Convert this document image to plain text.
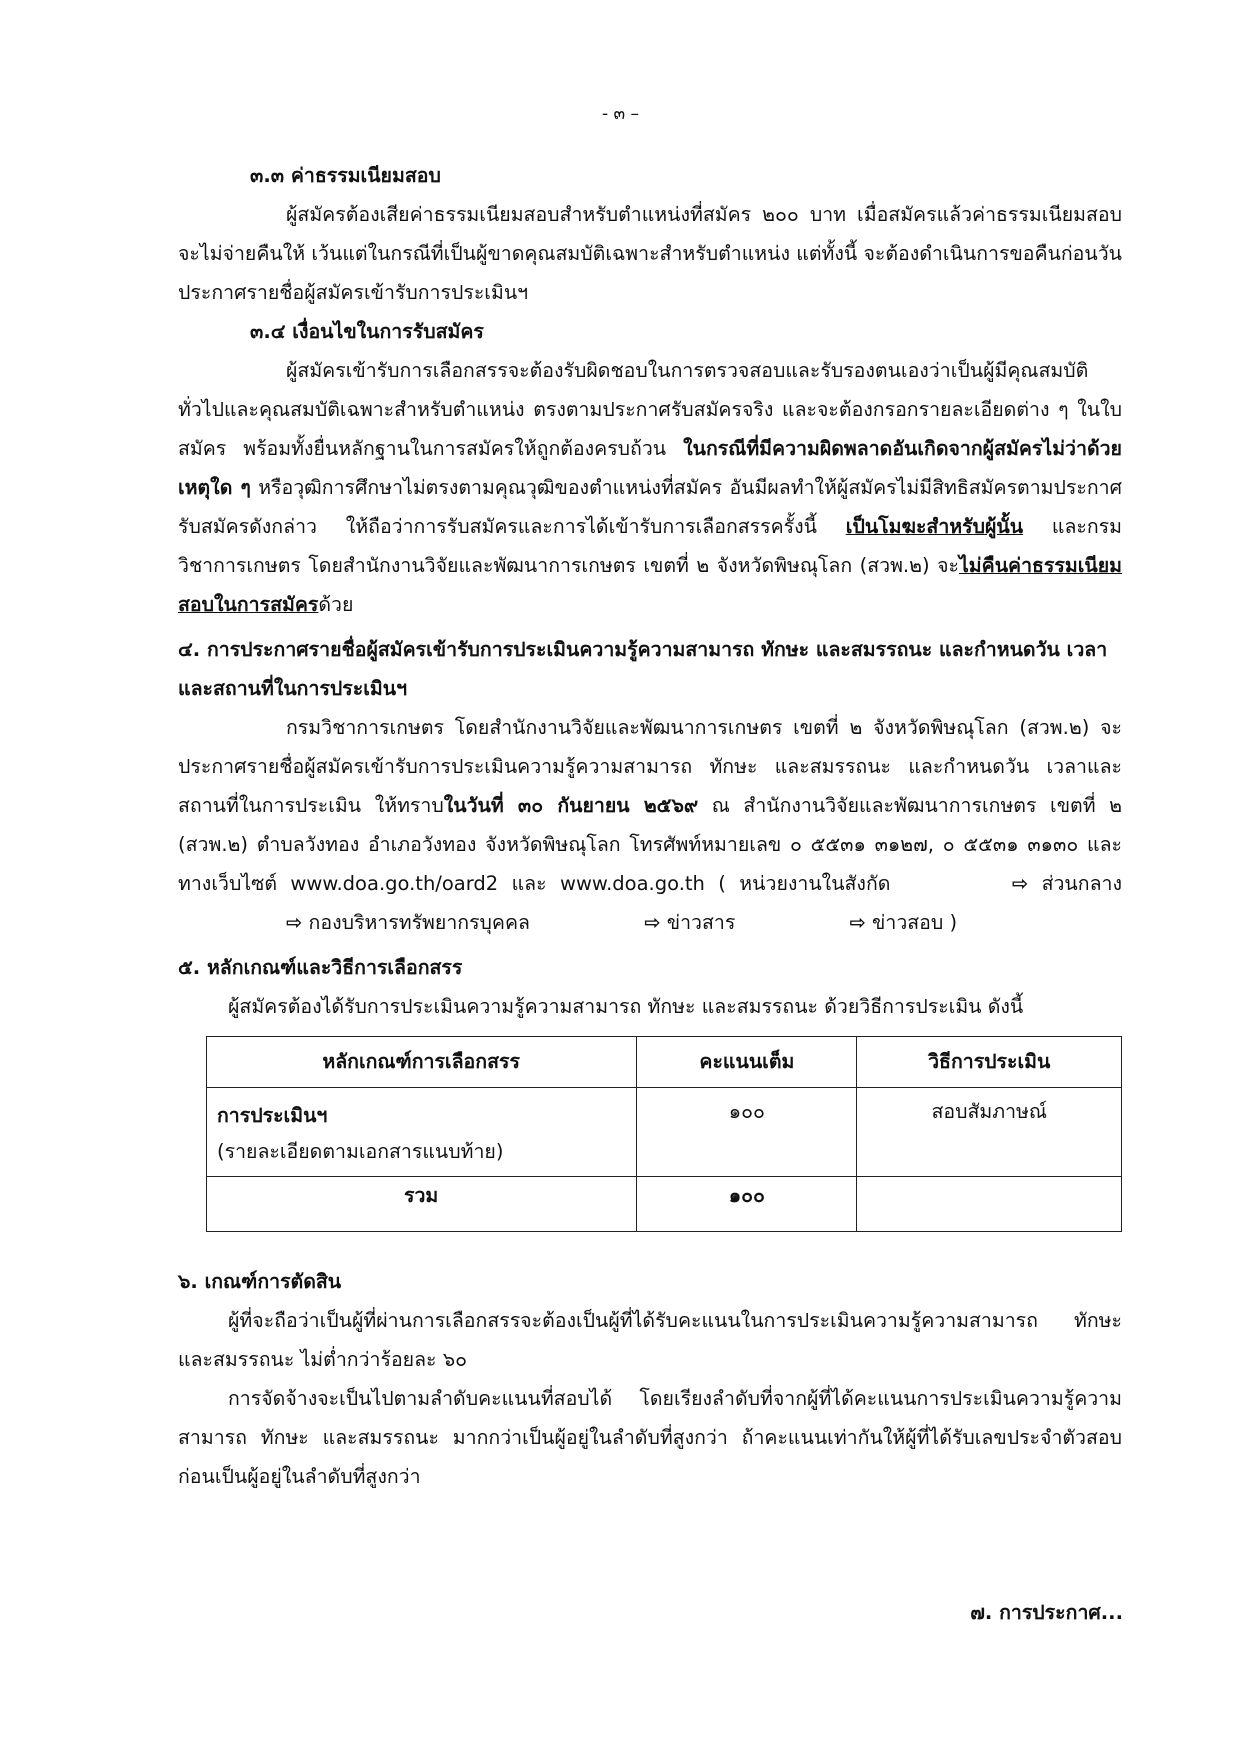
- ๓ –

๓.๓ ค่าธรรมเนียมสอบ

ผู้สมัครต้องเสียค่าธรรมเนียมสอบสำหรับตำแหน่งที่สมัคร ๒๐๐ บาท เมื่อสมัครแล้วค่าธรรมเนียมสอบจะไม่จ่ายคืนให้ เว้นแต่ในกรณีที่เป็นผู้ขาดคุณสมบัติเฉพาะสำหรับตำแหน่ง แต่ทั้งนี้ จะต้องดำเนินการขอคืนก่อนวันประกาศรายชื่อผู้สมัครเข้ารับการประเมินฯ

๓.๔ เงื่อนไขในการรับสมัคร

ผู้สมัครเข้ารับการเลือกสรรจะต้องรับผิดชอบในการตรวจสอบและรับรองตนเองว่าเป็นผู้มีคุณสมบัติทั่วไปและคุณสมบัติเฉพาะสำหรับตำแหน่ง ตรงตามประกาศรับสมัครจริง และจะต้องกรอกรายละเอียดต่าง ๆ ในใบสมัคร พร้อมทั้งยื่นหลักฐานในการสมัครให้ถูกต้องครบถ้วน ในกรณีที่มีความผิดพลาดอันเกิดจากผู้สมัครไม่ว่าด้วยเหตุใด ๆ หรือวุฒิการศึกษาไม่ตรงตามคุณวุฒิของตำแหน่งที่สมัคร อันมีผลทำให้ผู้สมัครไม่มีสิทธิสมัครตามประกาศรับสมัครดังกล่าว ให้ถือว่าการรับสมัครและการได้เข้ารับการเลือกสรรครั้งนี้ เป็นโมฆะสำหรับผู้นั้น และกรมวิชาการเกษตร โดยสำนักงานวิจัยและพัฒนาการเกษตร เขตที่ ๒ จังหวัดพิษณุโลก (สวพ.๒) จะไม่คืนค่าธรรมเนียมสอบในการสมัครด้วย

๔. การประกาศรายชื่อผู้สมัครเข้ารับการประเมินความรู้ความสามารถ ทักษะ และสมรรถนะ และกำหนดวัน เวลา และสถานที่ในการประเมินฯ

กรมวิชาการเกษตร โดยสำนักงานวิจัยและพัฒนาการเกษตร เขตที่ ๒ จังหวัดพิษณุโลก (สวพ.๒) จะประกาศรายชื่อผู้สมัครเข้ารับการประเมินความรู้ความสามารถ ทักษะ และสมรรถนะ และกำหนดวัน เวลาและสถานที่ในการประเมิน ให้ทราบในวันที่ ๓๐ กันยายน ๒๕๖๙ ณ สำนักงานวิจัยและพัฒนาการเกษตร เขตที่ ๒ (สวพ.๒) ตำบลวังทอง อำเภอวังทอง จังหวัดพิษณุโลก โทรศัพท์หมายเลข ๐ ๕๕๓๑ ๓๑๒๗, ๐ ๕๕๓๑ ๓๑๓๐ และทางเว็บไซต์ www.doa.go.th/oard2 และ www.doa.go.th ( หน่วยงานในสังกัด	⇨ ส่วนกลาง ⇨ กองบริหารทรัพยากรบุคคล	⇨ ข่าวสาร	⇨ ข่าวสอบ )

๕. หลักเกณฑ์และวิธีการเลือกสรร

ผู้สมัครต้องได้รับการประเมินความรู้ความสามารถ ทักษะ และสมรรถนะ ด้วยวิธีการประเมิน ดังนี้

หลักเกณฑ์การเลือกสรร	คะแนนเต็ม	วิธีการประเมิน

การประเมินฯ
(รายละเอียดตามเอกสารแนบท้าย)	๑๐๐	สอบสัมภาษณ์
รวม	๑๐๐	

๖. เกณฑ์การตัดสิน

ผู้ที่จะถือว่าเป็นผู้ที่ผ่านการเลือกสรรจะต้องเป็นผู้ที่ได้รับคะแนนในการประเมินความรู้ความสามารถ ทักษะ และสมรรถนะ ไม่ต่ำกว่าร้อยละ ๖๐

การจัดจ้างจะเป็นไปตามลำดับคะแนนที่สอบได้ โดยเรียงลำดับที่จากผู้ที่ได้คะแนนการประเมินความรู้ความสามารถ ทักษะ และสมรรถนะ มากกว่าเป็นผู้อยู่ในลำดับที่สูงกว่า ถ้าคะแนนเท่ากันให้ผู้ที่ได้รับเลขประจำตัวสอบก่อนเป็นผู้อยู่ในลำดับที่สูงกว่า

๗. การประกาศ...
